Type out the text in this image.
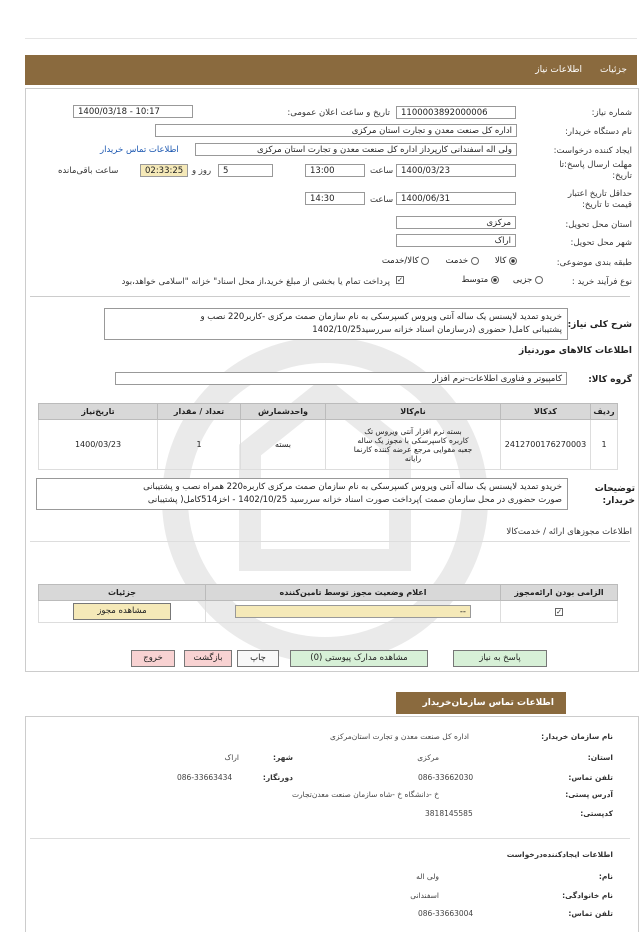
جزئیات
اطلاعات نیاز
شماره نیاز:
1100003892000006
تاریخ و ساعت اعلان عمومی:
1400/03/18 - 10:17
نام دستگاه خریدار:
اداره کل صنعت معدن و تجارت استان مرکزی
ایجاد کننده درخواست:
ولی اله اسفندانی کارپرداز اداره کل صنعت معدن و تجارت استان مرکزی
اطلاعات تماس خریدار
مهلت ارسال پاسخ:تا
تاریخ:
1400/03/23
ساعت
13:00
5
روز و
02:33:25
ساعت باقی‌مانده
حداقل تاریخ اعتبار
قیمت تا تاریخ:
1400/06/31
ساعت
14:30
استان محل تحویل:
مرکزی
شهر محل تحویل:
اراک
طبقه بندی موضوعی:
کالا
خدمت
کالا/خدمت
نوع فرآیند خرید :
جزیی
متوسط
✓
پرداخت تمام یا بخشی از مبلغ خرید،از محل اسناد" خزانه "اسلامی خواهد،بود
شرح کلی نیاز:
خریدو تمدید لایسنس یک ساله آنتی ویروس کسپرسکی به نام سازمان صمت مرکزی -کاربر220 نصب و
پشتیبانی کامل( حضوری (درسازمان اسناد خزانه سررسید1402/10/25
اطلاعات کالاهای موردنیاز
گروه کالا:
کامپیوتر و فناوری اطلاعات-نرم افزار
ردیف	کدکالا	نام‌کالا	واحدشمارش	تعداد / مقدار	تاریخ‌نیاز
1	2412700176270003	بسته نرم افزار آنتی ویروس تک
کاربره کاسپرسکی با مجوز یک ساله
جعبه مقوایی مرجع عرضه کننده کارنما
رایانه	بسته	1	1400/03/23
توضیحات
خریدار:
خریدو تمدید لایسنس یک ساله آنتی ویروس کسپرسکی به نام سازمان صمت مرکزی کاربره220 همراه نصب و پشتیبانی
صورت حضوری در محل سازمان صمت )پرداخت صورت اسناد خزانه سررسید 1402/10/25 - اخز514کامل( پشتیبانی
اطلاعات مجوزهای ارائه / خدمت‌کالا
الزامی بودن ارائه‌مجوز	اعلام وضعیت مجوز توسط تامین‌کننده	جزئیات
✓	--	مشاهده مجوز
پاسخ به نیاز
مشاهده مدارک پیوستی (0)
چاپ
بازگشت
خروج
اطلاعات تماس سازمان‌خریدار
نام سازمان خریدار:
اداره کل صنعت معدن و تجارت استان‌مرکزی
استان:
مرکزی
شهر:
اراک
تلفن تماس:
086-33662030
دورنگار:
086-33663434
آدرس پستی:
خ -دانشگاه خ -شاه سازمان صنعت معدن‌تجارت
کدپستی:
3818145585
اطلاعات ایجادکننده‌درخواست
نام:
ولی اله
نام خانوادگی:
اسفندانی
تلفن تماس:
086-33663004
